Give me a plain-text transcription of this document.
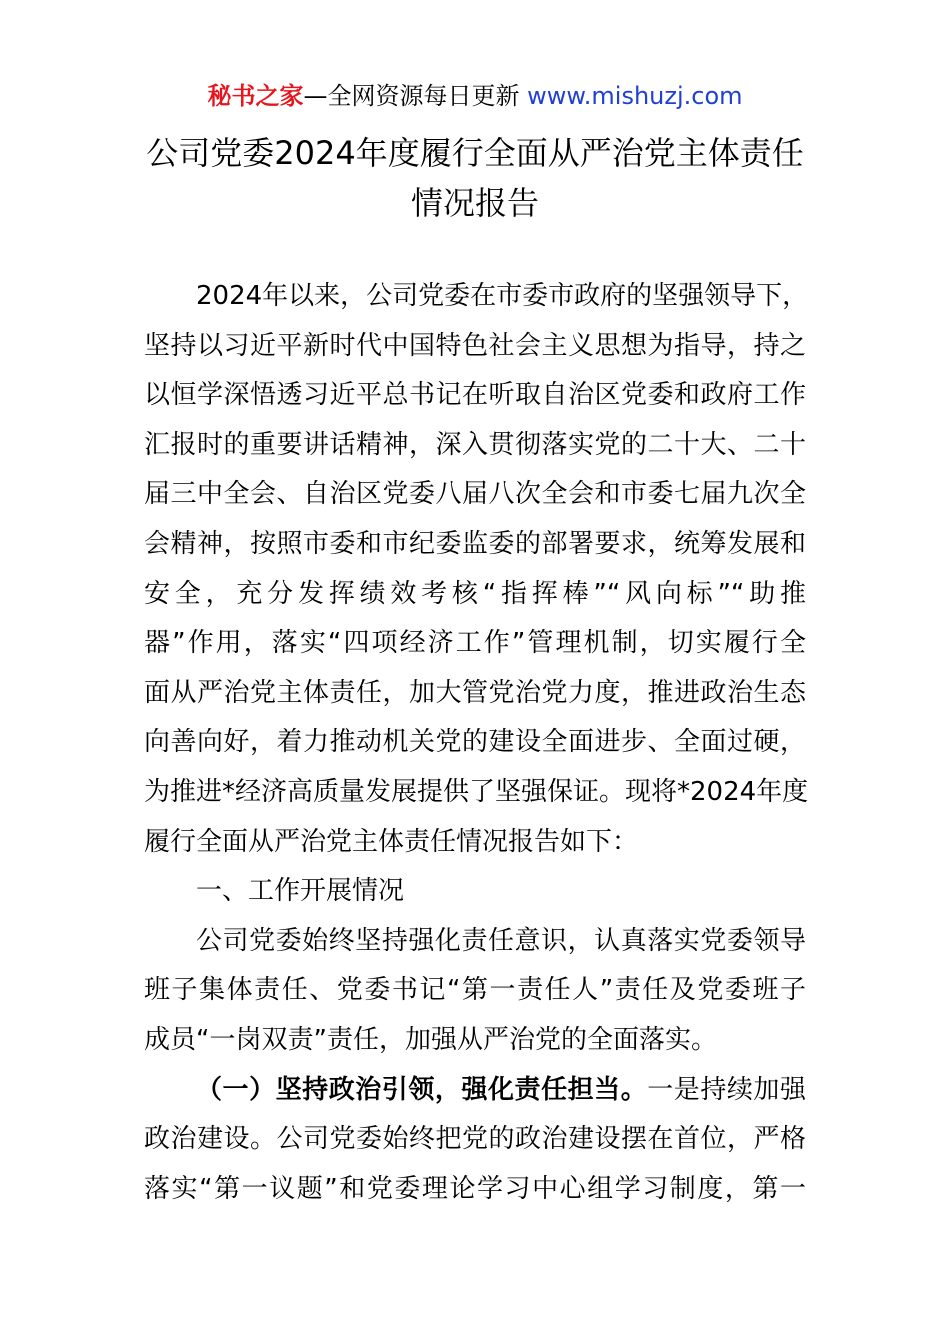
秘书之家—全网资源每日更新 www.mishuzj.com
公司党委2024年度履行全面从严治党主体责任
情况报告
2024年以来，公司党委在市委市政府的坚强领导下，
坚持以习近平新时代中国特色社会主义思想为指导，持之
以恒学深悟透习近平总书记在听取自治区党委和政府工作
汇报时的重要讲话精神，深入贯彻落实党的二十大、二十
届三中全会、自治区党委八届八次全会和市委七届九次全
会精神，按照市委和市纪委监委的部署要求，统筹发展和
安全，充分发挥绩效考核“指挥棒”“风向标”“助推
器”作用，落实“四项经济工作”管理机制，切实履行全
面从严治党主体责任，加大管党治党力度，推进政治生态
向善向好，着力推动机关党的建设全面进步、全面过硬，
为推进*经济高质量发展提供了坚强保证。现将*2024年度
履行全面从严治党主体责任情况报告如下：
一、工作开展情况
公司党委始终坚持强化责任意识，认真落实党委领导
班子集体责任、党委书记“第一责任人”责任及党委班子
成员“一岗双责”责任，加强从严治党的全面落实。
（一）坚持政治引领，强化责任担当。一是持续加强
政治建设。公司党委始终把党的政治建设摆在首位，严格
落实“第一议题”和党委理论学习中心组学习制度，第一
